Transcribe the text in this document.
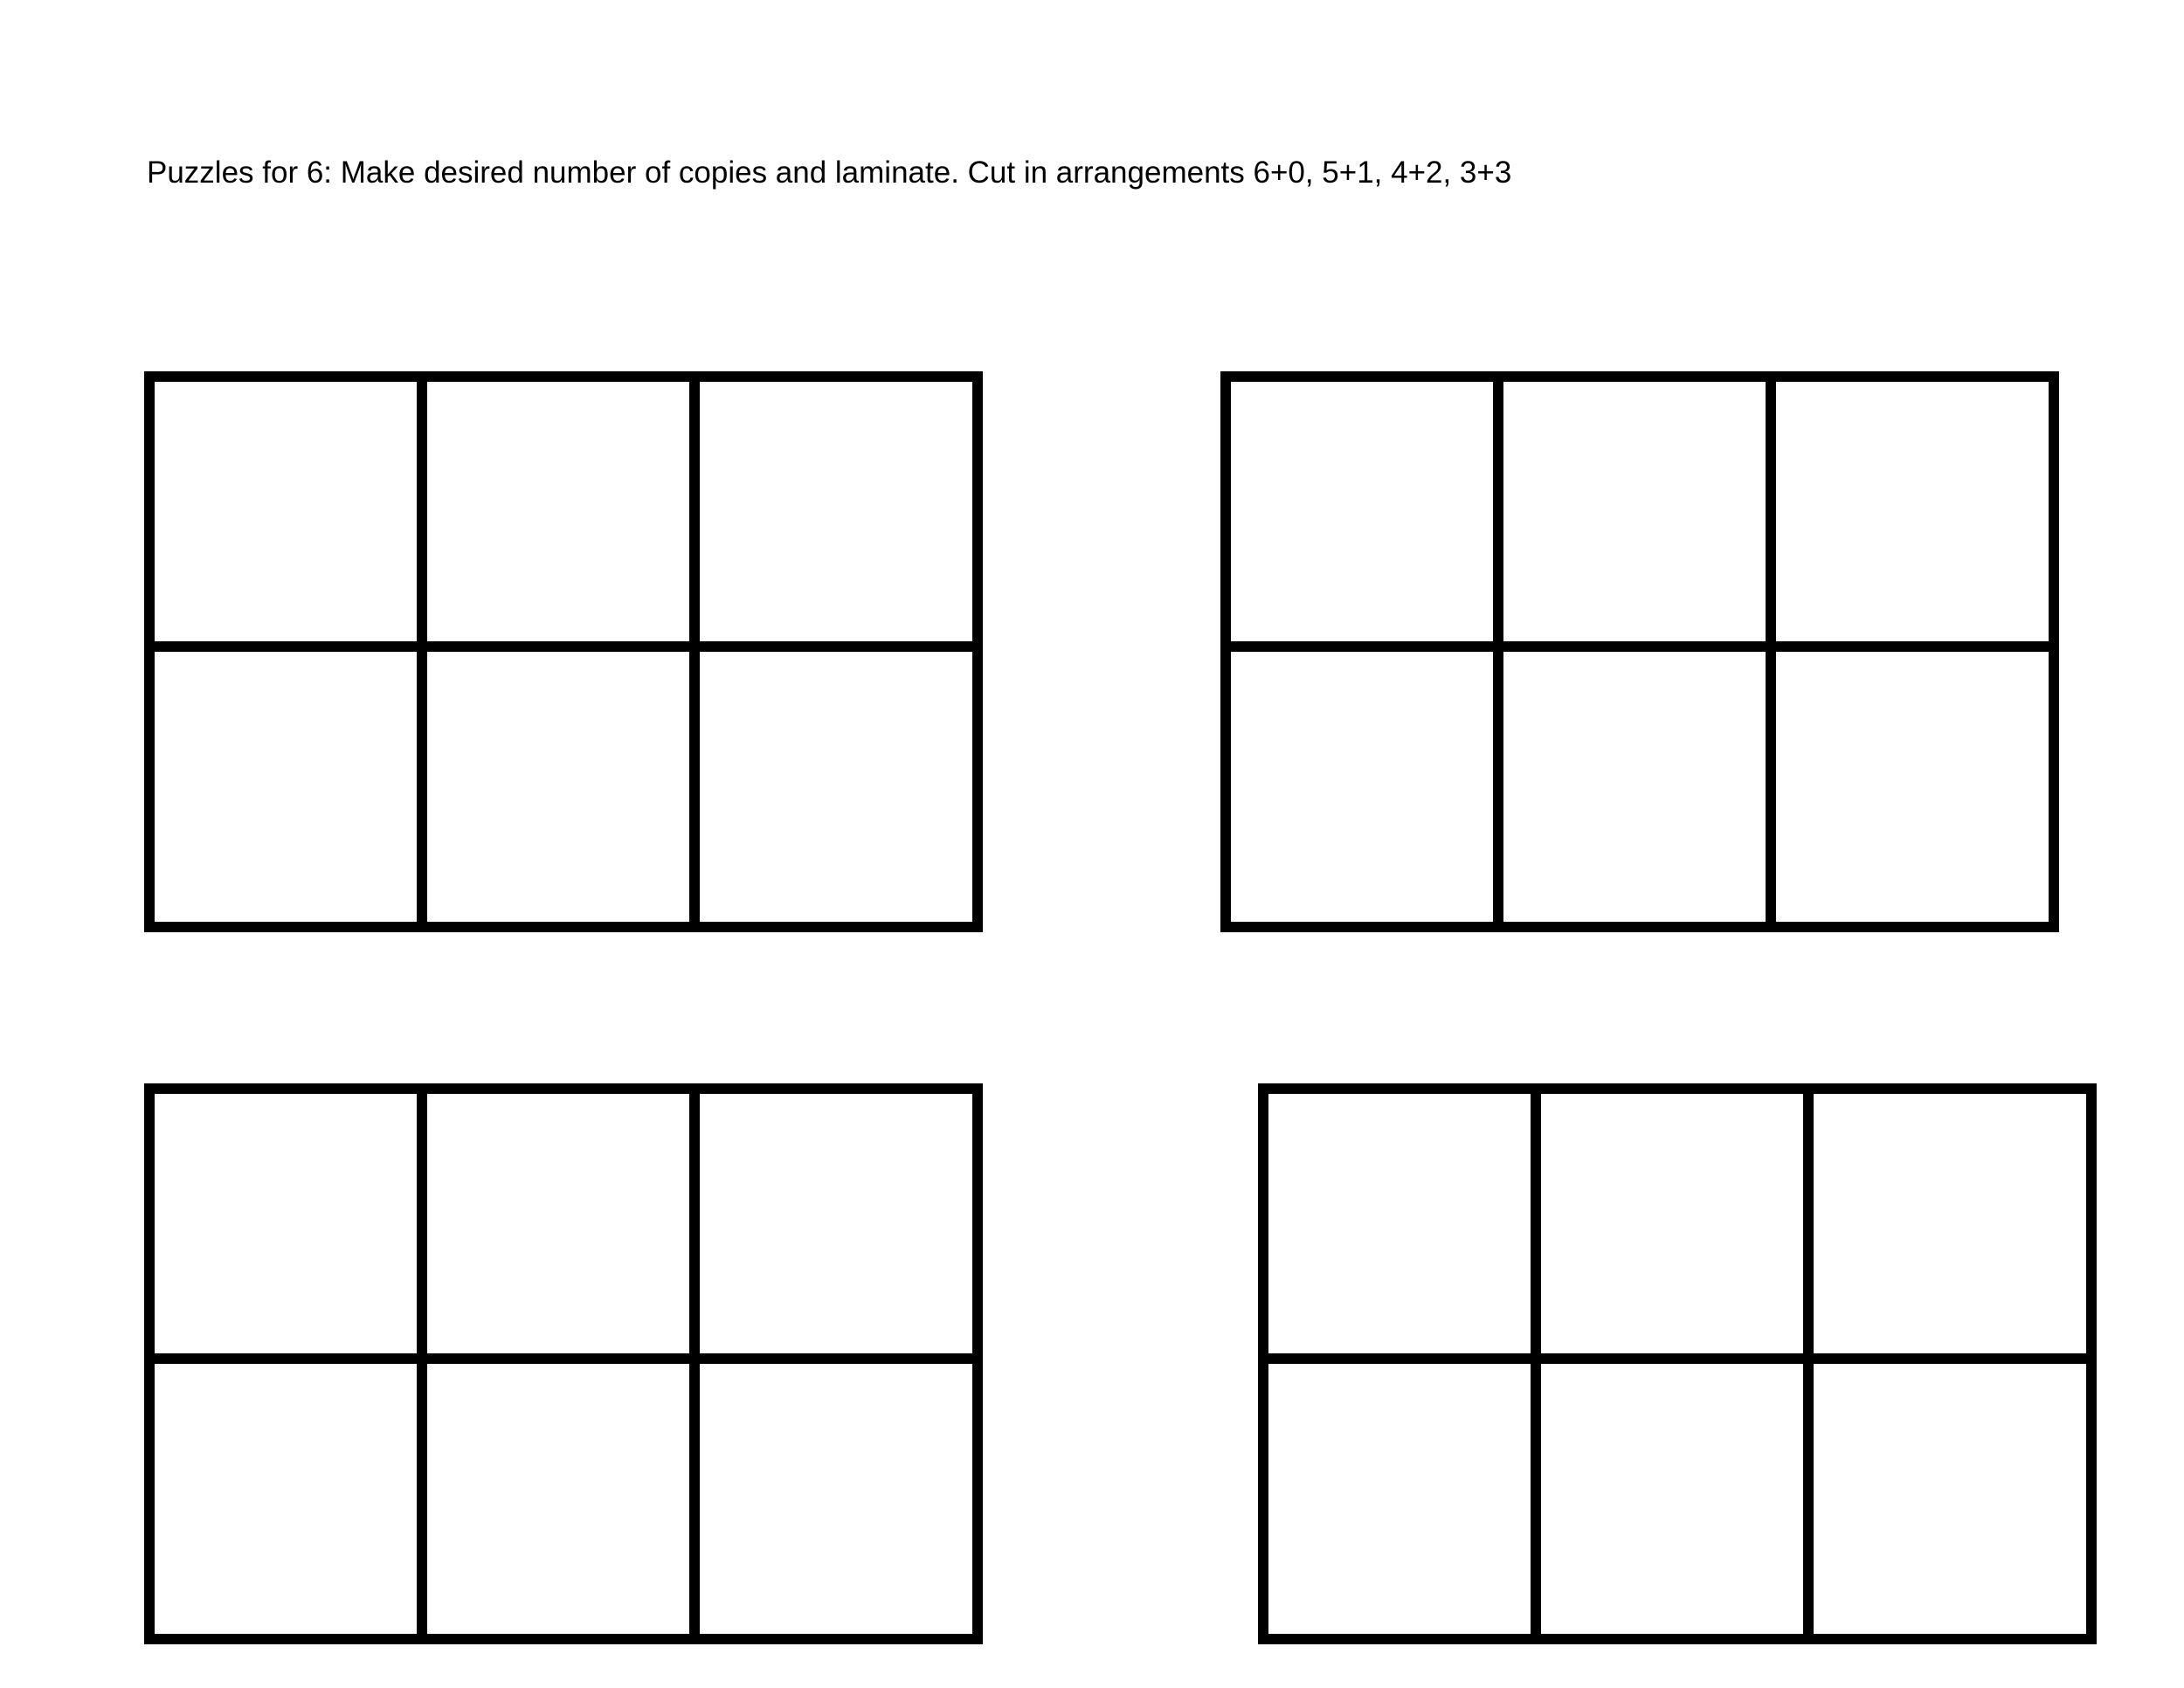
Puzzles for 6: Make desired number of copies and laminate. Cut in arrangements 6+0, 5+1, 4+2, 3+3
